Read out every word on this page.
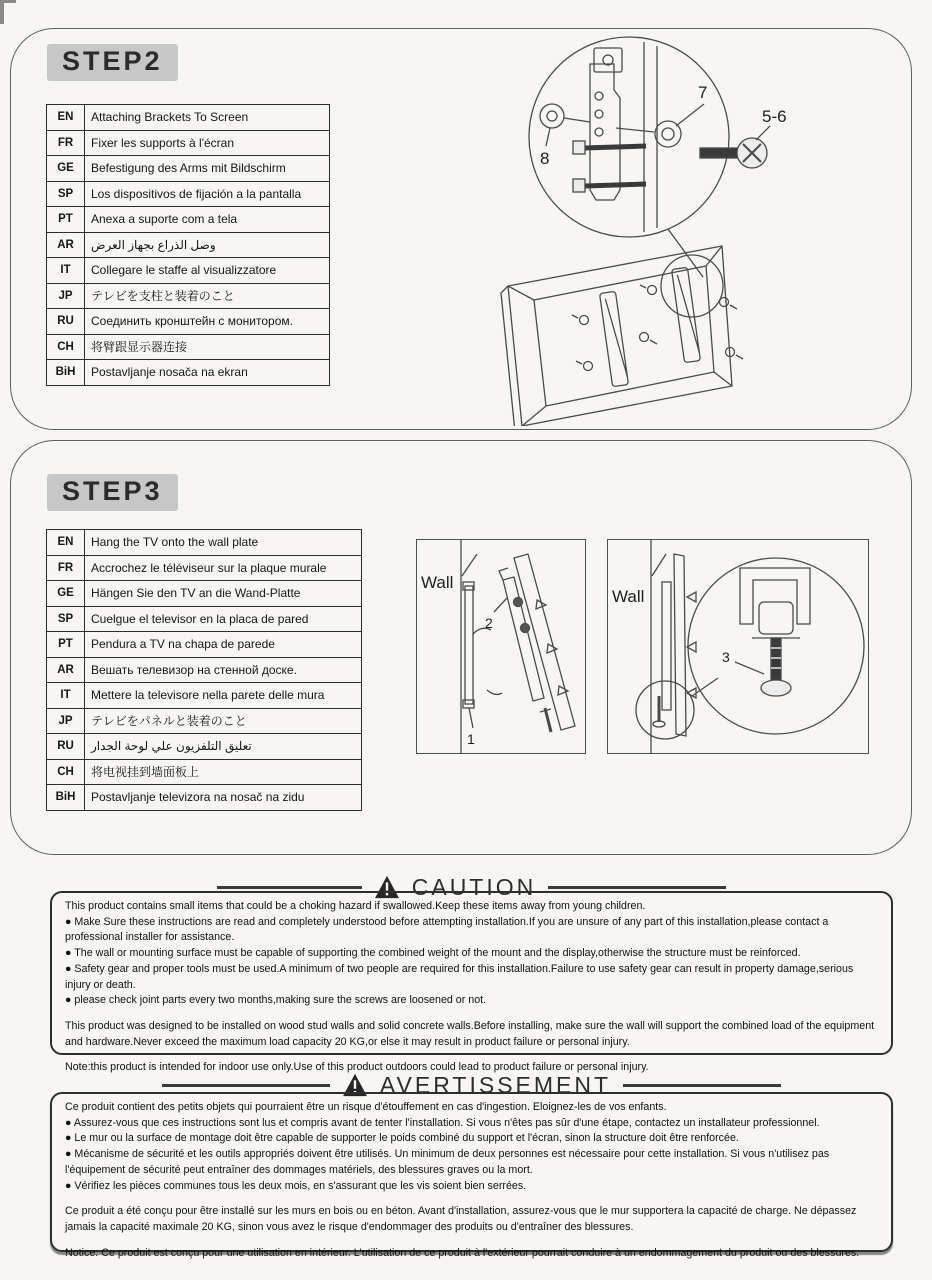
STEP2
EN	Attaching Brackets To Screen
FR	Fixer les supports à l'écran
GE	Befestigung des Arms mit Bildschirm
SP	Los dispositivos de fijación a la pantalla
PT	Anexa a suporte com a tela
AR	وصل الذراع بجهاز العرض
IT	Collegare le staffe al visualizzatore
JP	テレビを支柱と装着のこと
RU	Соединить кронштейн с монитором.
CH	将臂跟显示器连接
BiH	Postavljanje nosača na ekran
7
5-6
8
STEP3
EN	Hang the TV onto the wall plate
FR	Accrochez le téléviseur sur la plaque murale
GE	Hängen Sie den TV an die Wand-Platte
SP	Cuelgue el televisor en la placa de pared
PT	Pendura a TV na chapa de parede
AR	Вешать телевизор на стенной доске.
IT	Mettere la televisore nella parete delle mura
JP	テレビをパネルと装着のこと
RU	تعليق التلفزيون علي لوحة الجدار
CH	将电视挂到墙面板上
BiH	Postavljanje televizora na nosač na zidu
Wall
2
1
Wall
3
CAUTION

This product contains small items that could be a choking hazard if swallowed.Keep these items away from young children.

● Make Sure these instructions are read and completely understood before attempting installation.If you are unsure of any part of this installation,please contact a professional installer for assistance.

● The wall or mounting surface must be capable of supporting the combined weight of the mount and the display,otherwise the structure must be reinforced.

● Safety gear and proper tools must be used.A minimum of two people are required for this installation.Failure to use safety gear can result in property damage,serious injury or death.

● please check joint parts every two months,making sure the screws are loosened or not.

This product was designed to be installed on wood stud walls and solid concrete walls.Before installing, make sure the wall will support the combined load of the equipment and hardware.Never exceed the maximum load capacity 20 KG,or else it may result in product failure or personal injury.

Note:this product is intended for indoor use only.Use of this product outdoors could lead to product failure or personal injury.

AVERTISSEMENT

Ce produit contient des petits objets qui pourraient être un risque d'étouffement en cas d'ingestion. Eloignez-les de vos enfants.

● Assurez-vous que ces instructions sont lus et compris avant de tenter l'installation. Si vous n'êtes pas sûr d'une étape, contactez un installateur professionnel.

● Le mur ou la surface de montage doit être capable de supporter le poids combiné du support et l'écran, sinon la structure doit être renforcée.

● Mécanisme de sécurité et les outils appropriés doivent être utilisés. Un minimum de deux personnes est nécessaire pour cette installation. Si vous n'utilisez pas l'équipement de sécurité peut entraîner des dommages matériels, des blessures graves ou la mort.

● Vérifiez les pièces communes tous les deux mois, en s'assurant que les vis soient bien serrées.

Ce produit a été conçu pour être installé sur les murs en bois ou en béton. Avant d'installation, assurez-vous que le mur supportera la capacité de charge. Ne dépassez jamais la capacité maximale 20 KG, sinon vous avez le risque d'endommager des produits ou d'entraîner des blessures.

Notice: Ce produit est conçu pour une utilisation en intérieur. L'utilisation de ce produit à l'extérieur pourrait conduire à un endommagement du produit ou des blessures.
